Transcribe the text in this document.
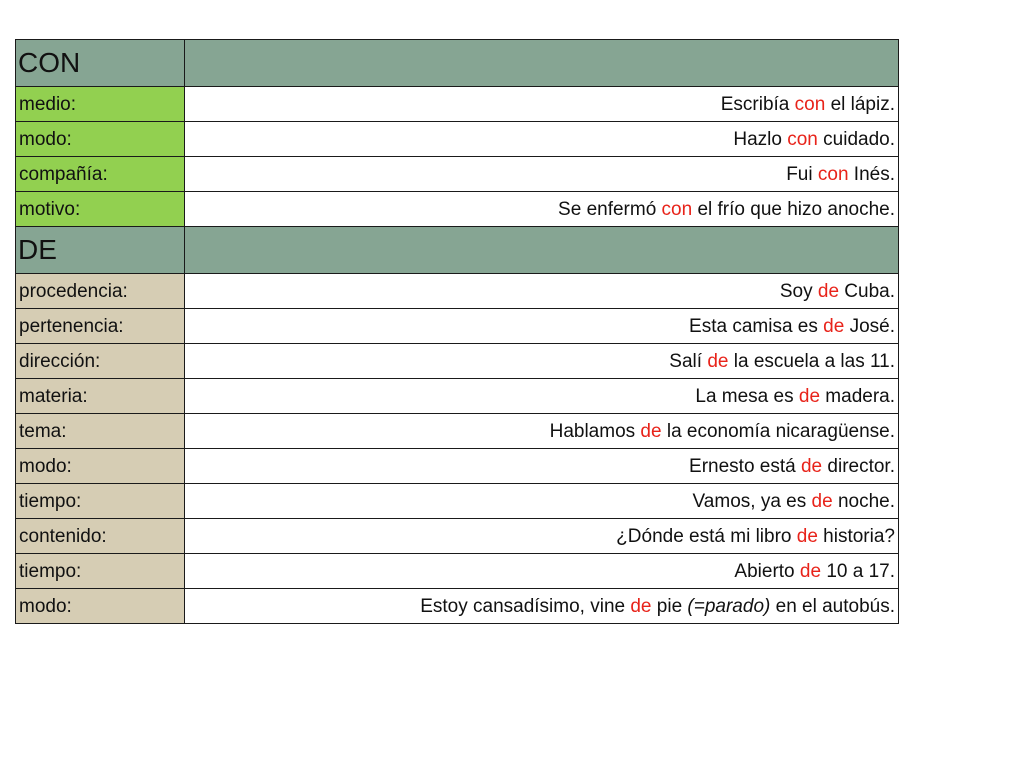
CON	
medio:	Escribía con el lápiz.
modo:	Hazlo con cuidado.
compañía:	Fui con Inés.
motivo:	Se enfermó con el frío que hizo anoche.
DE	
procedencia:	Soy de Cuba.
pertenencia:	Esta camisa es de José.
dirección:	Salí de la escuela a las 11.
materia:	La mesa es de madera.
tema:	Hablamos de la economía nicaragüense.
modo:	Ernesto está de director.
tiempo:	Vamos, ya es de noche.
contenido:	¿Dónde está mi libro de historia?
tiempo:	Abierto de 10 a 17.
modo:	Estoy cansadísimo, vine de pie (=parado) en el autobús.
